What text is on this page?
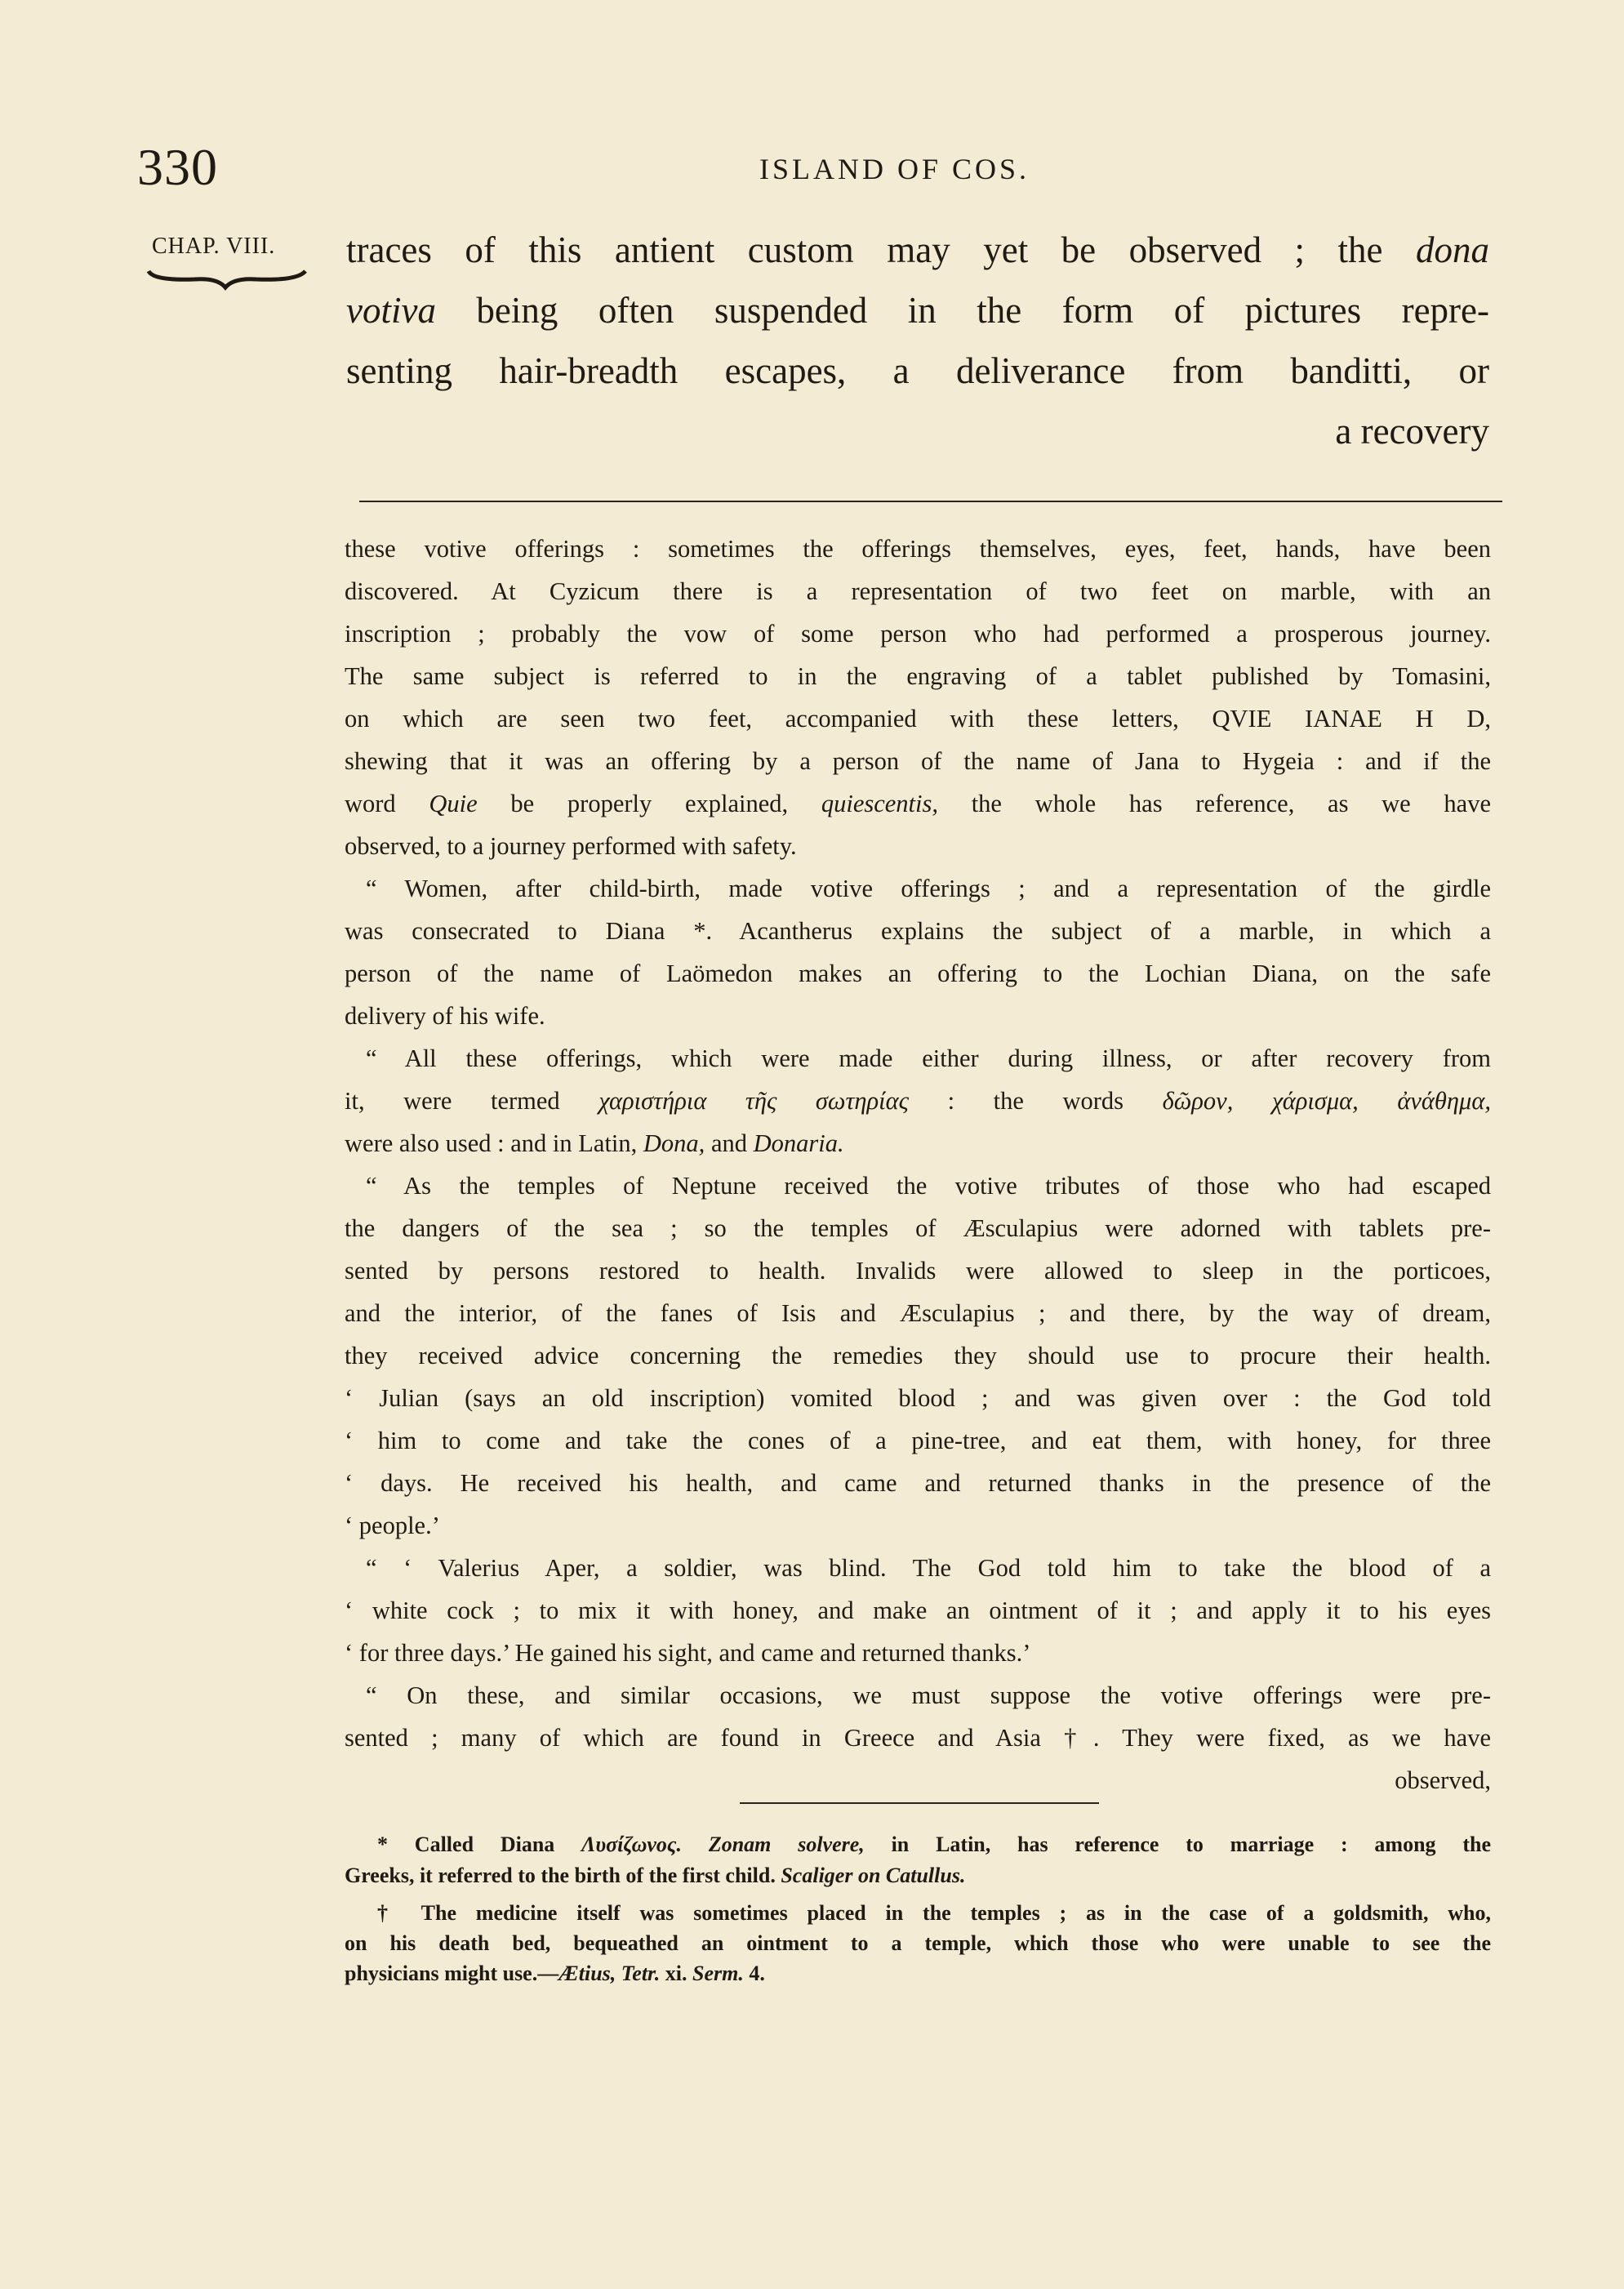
330	ISLAND OF COS.
CHAP. VIII. traces of this antient custom may yet be observed ; the dona
votiva being often suspended in the form of pictures repre-
senting hair-breadth escapes, a deliverance from banditti, or
a recovery
these votive offerings : sometimes the offerings themselves, eyes, feet, hands, have been
discovered. At Cyzicum there is a representation of two feet on marble, with an
inscription ; probably the vow of some person who had performed a prosperous journey.
The same subject is referred to in the engraving of a tablet published by Tomasini,
on which are seen two feet, accompanied with these letters, QVIE IANAE H D,
shewing that it was an offering by a person of the name of Jana to Hygeia : and if the
word Quie be properly explained, quiescentis, the whole has reference, as we have
observed, to a journey performed with safety.
“ Women, after child-birth, made votive offerings ; and a representation of the girdle
was consecrated to Diana *. Acantherus explains the subject of a marble, in which a
person of the name of Laömedon makes an offering to the Lochian Diana, on the safe
delivery of his wife.
“ All these offerings, which were made either during illness, or after recovery from
it, were termed χαριστήρια τῆς σωτηρίας : the words δῶρον, χάρισμα, ἀνάθημα,
were also used : and in Latin, Dona, and Donaria.
“ As the temples of Neptune received the votive tributes of those who had escaped
the dangers of the sea ; so the temples of Æsculapius were adorned with tablets pre-
sented by persons restored to health. Invalids were allowed to sleep in the porticoes,
and the interior, of the fanes of Isis and Æsculapius ; and there, by the way of dream,
they received advice concerning the remedies they should use to procure their health.
‘ Julian (says an old inscription) vomited blood ; and was given over : the God told
‘ him to come and take the cones of a pine-tree, and eat them, with honey, for three
‘ days. He received his health, and came and returned thanks in the presence of the
‘ people.’
“ ‘ Valerius Aper, a soldier, was blind. The God told him to take the blood of a
‘ white cock ; to mix it with honey, and make an ointment of it ; and apply it to his eyes
‘ for three days.’ He gained his sight, and came and returned thanks.’
“ On these, and similar occasions, we must suppose the votive offerings were pre-
sented ; many of which are found in Greece and Asia †. They were fixed, as we have
observed,
* Called Diana Λυσίζωνος. Zonam solvere, in Latin, has reference to marriage : among the
Greeks, it referred to the birth of the first child. Scaliger on Catullus.
† The medicine itself was sometimes placed in the temples ; as in the case of a goldsmith, who,
on his death bed, bequeathed an ointment to a temple, which those who were unable to see the
physicians might use.—Ætius, Tetr. xi. Serm. 4.
